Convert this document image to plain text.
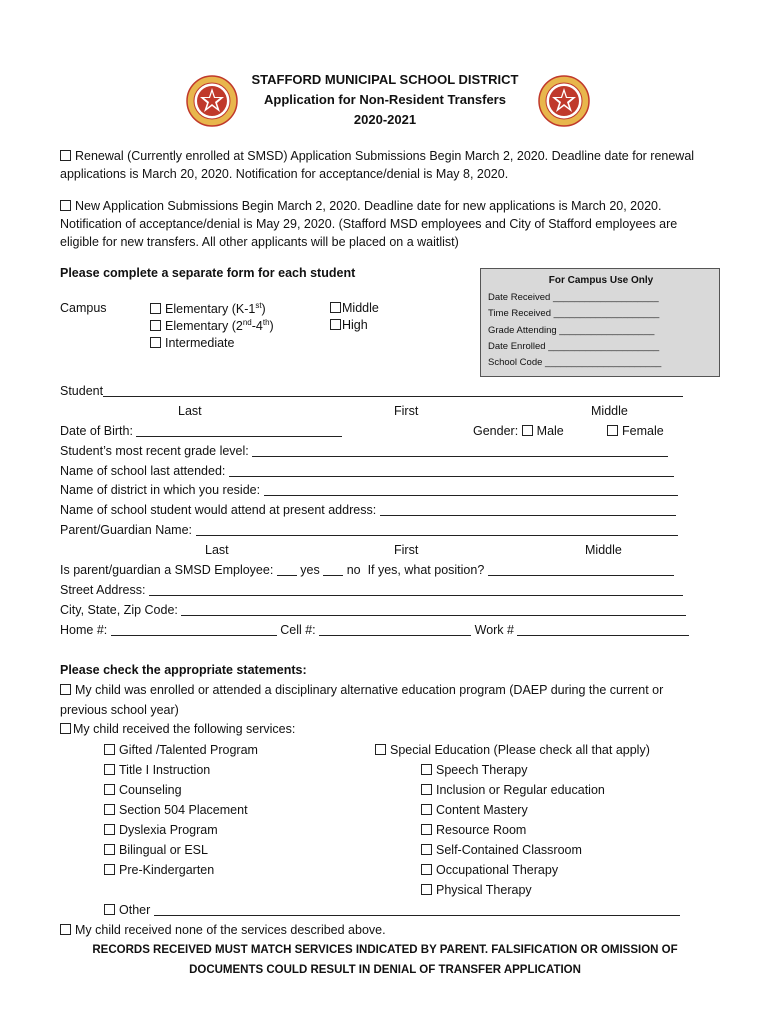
STAFFORD MUNICIPAL SCHOOL DISTRICT
Application for Non-Resident Transfers
2020-2021
Renewal (Currently enrolled at SMSD) Application Submissions Begin March 2, 2020. Deadline date for renewal
applications is March 20, 2020. Notification for acceptance/denial is May 8, 2020.
New Application Submissions Begin March 2, 2020. Deadline date for new applications is March 20, 2020.
Notification of acceptance/denial is May 29, 2020. (Stafford MSD employees and City of Stafford employees are
eligible for new transfers. All other applicants will be placed on a waitlist)
Please complete a separate form for each student
Campus	Elementary (K-1st)
Elementary (2nd-4th)
Intermediate
Middle
High
For Campus Use Only
Date Received ____________________
Time Received ____________________
Grade Attending __________________
Date Enrolled _____________________
School Code ______________________
Student
Last	First	Middle
Date of Birth:	Gender: Male	Female
Student’s most recent grade level:
Name of school last attended:
Name of district in which you reside:
Name of school student would attend at present address:
Parent/Guardian Name:
Last	First	Middle
Is parent/guardian a SMSD Employee: yes no If yes, what position?
Street Address:
City, State, Zip Code:
Home #:	Cell #:	Work #
Please check the appropriate statements:
My child was enrolled or attended a disciplinary alternative education program (DAEP during the current or
previous school year)
My child received the following services:
Gifted /Talented Program
Title I Instruction
Counseling
Section 504 Placement
Dyslexia Program
Bilingual or ESL
Pre-Kindergarten
Special Education (Please check all that apply)
Speech Therapy
Inclusion or Regular education
Content Mastery
Resource Room
Self-Contained Classroom
Occupational Therapy
Physical Therapy
Other
My child received none of the services described above.
RECORDS RECEIVED MUST MATCH SERVICES INDICATED BY PARENT. FALSIFICATION OR OMISSION OF
DOCUMENTS COULD RESULT IN DENIAL OF TRANSFER APPLICATION
